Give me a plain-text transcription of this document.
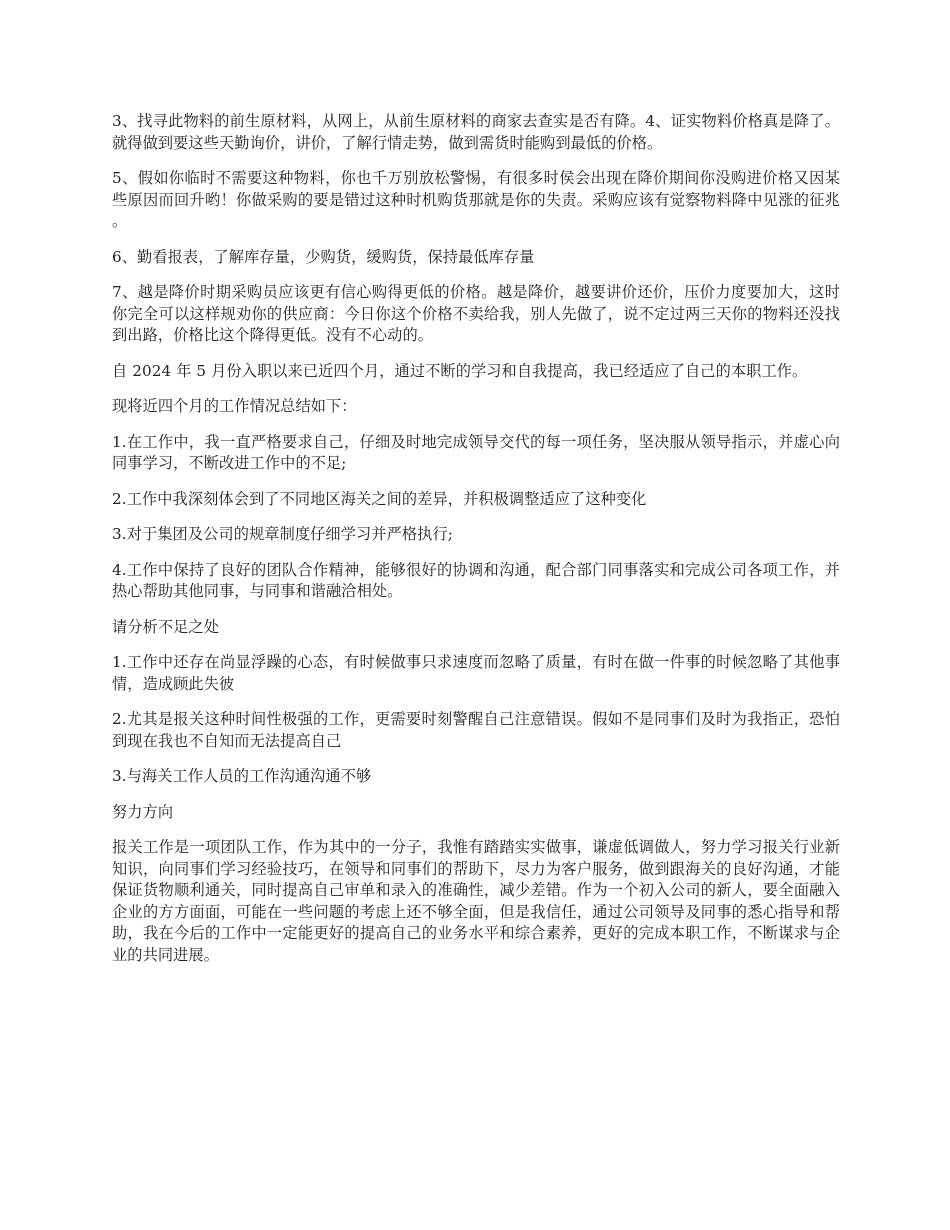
3、找寻此物料的前生原材料，从网上，从前生原材料的商家去查实是否有降。4、证实物料价格真是降了。就得做到要这些天勤询价，讲价，了解行情走势，做到需货时能购到最低的价格。

5、假如你临时不需要这种物料，你也千万别放松警惕，有很多时侯会出现在降价期间你没购进价格又因某些原因而回升哟！你做采购的要是错过这种时机购货那就是你的失责。采购应该有觉察物料降中见涨的征兆。

6、勤看报表，了解库存量，少购货，缓购货，保持最低库存量

7、越是降价时期采购员应该更有信心购得更低的价格。越是降价，越要讲价还价，压价力度要加大，这时你完全可以这样规劝你的供应商：今日你这个价格不卖给我，别人先做了，说不定过两三天你的物料还没找到出路，价格比这个降得更低。没有不心动的。

自 2024 年 5 月份入职以来已近四个月，通过不断的学习和自我提高，我已经适应了自己的本职工作。

现将近四个月的工作情况总结如下：

1.在工作中，我一直严格要求自己，仔细及时地完成领导交代的每一项任务，坚决服从领导指示，并虚心向同事学习，不断改进工作中的不足;

2.工作中我深刻体会到了不同地区海关之间的差异，并积极调整适应了这种变化

3.对于集团及公司的规章制度仔细学习并严格执行;

4.工作中保持了良好的团队合作精神，能够很好的协调和沟通，配合部门同事落实和完成公司各项工作，并热心帮助其他同事，与同事和谐融洽相处。

请分析不足之处

1.工作中还存在尚显浮躁的心态，有时候做事只求速度而忽略了质量，有时在做一件事的时候忽略了其他事情，造成顾此失彼

2.尤其是报关这种时间性极强的工作，更需要时刻警醒自己注意错误。假如不是同事们及时为我指正，恐怕到现在我也不自知而无法提高自己

3.与海关工作人员的工作沟通沟通不够

努力方向

报关工作是一项团队工作，作为其中的一分子，我惟有踏踏实实做事，谦虚低调做人，努力学习报关行业新知识，向同事们学习经验技巧，在领导和同事们的帮助下，尽力为客户服务，做到跟海关的良好沟通，才能保证货物顺利通关，同时提高自己审单和录入的准确性，减少差错。作为一个初入公司的新人，要全面融入企业的方方面面，可能在一些问题的考虑上还不够全面，但是我信任，通过公司领导及同事的悉心指导和帮助，我在今后的工作中一定能更好的提高自己的业务水平和综合素养，更好的完成本职工作，不断谋求与企业的共同进展。
